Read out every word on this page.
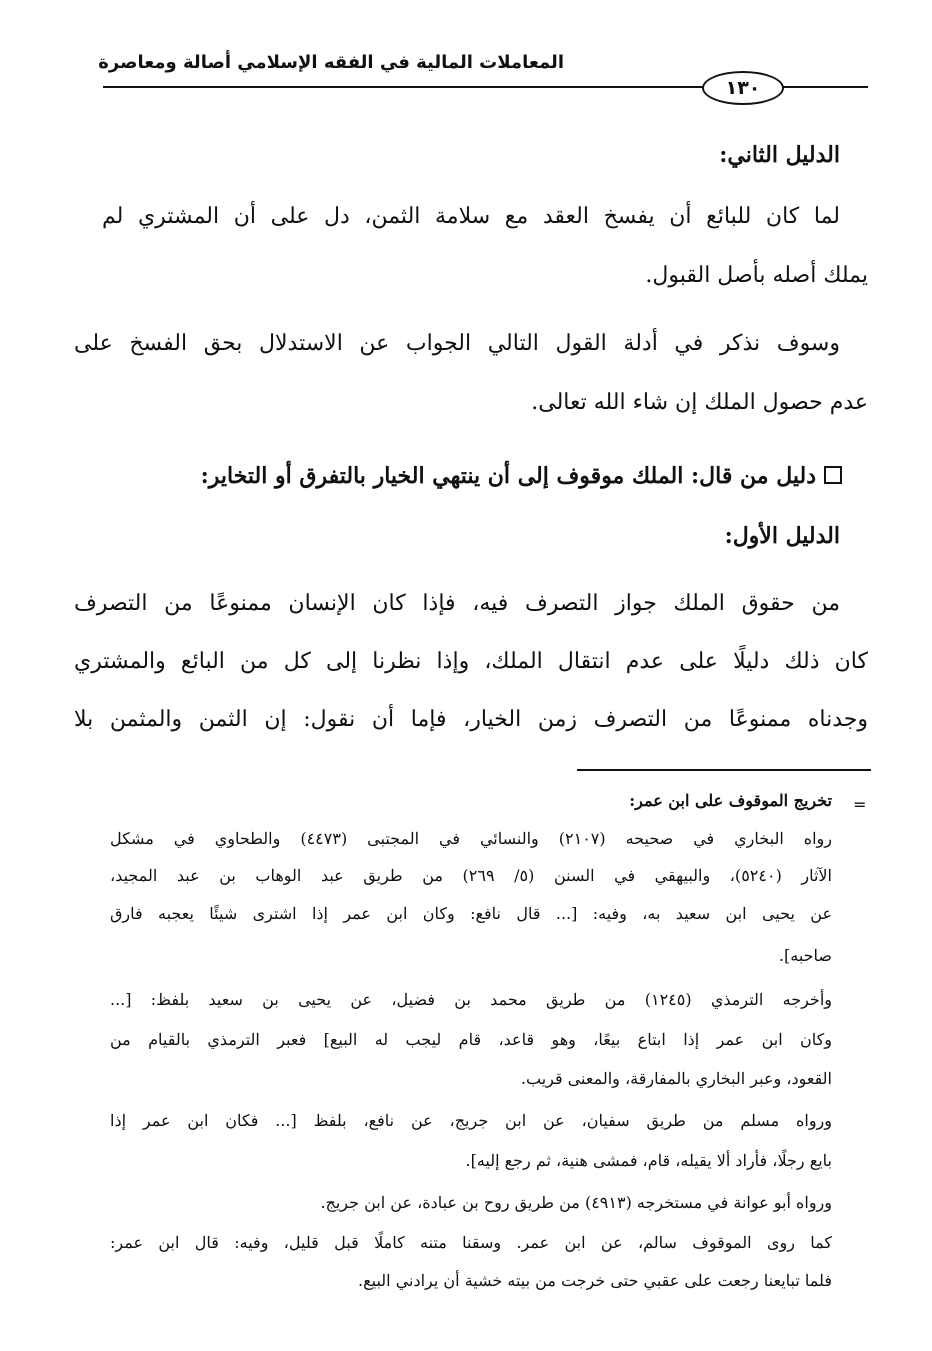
المعاملات المالية في الفقه الإسلامي أصالة ومعاصرة
١٣٠
الدليل الثاني:
لما كان للبائع أن يفسخ العقد مع سلامة الثمن، دل على أن المشتري لم
يملك أصله بأصل القبول.
وسوف نذكر في أدلة القول التالي الجواب عن الاستدلال بحق الفسخ على
عدم حصول الملك إن شاء الله تعالى.
دليل من قال: الملك موقوف إلى أن ينتهي الخيار بالتفرق أو التخاير:
الدليل الأول:
من حقوق الملك جواز التصرف فيه، فإذا كان الإنسان ممنوعًا من التصرف
كان ذلك دليلًا على عدم انتقال الملك، وإذا نظرنا إلى كل من البائع والمشتري
وجدناه ممنوعًا من التصرف زمن الخيار، فإما أن نقول: إن الثمن والمثمن بلا
=
تخريج الموقوف على ابن عمر:
رواه البخاري في صحيحه (٢١٠٧) والنسائي في المجتبى (٤٤٧٣) والطحاوي في مشكل
الآثار (٥٢٤٠)، والبيهقي في السنن (٥/ ٢٦٩) من طريق عبد الوهاب بن عبد المجيد،
عن يحيى ابن سعيد به، وفيه: [... قال نافع: وكان ابن عمر إذا اشترى شيئًا يعجبه فارق
صاحبه].
وأخرجه الترمذي (١٢٤٥) من طريق محمد بن فضيل، عن يحيى بن سعيد بلفظ: [...
وكان ابن عمر إذا ابتاع بيعًا، وهو قاعد، قام ليجب له البيع] فعبر الترمذي بالقيام من
القعود، وعبر البخاري بالمفارقة، والمعنى قريب.
ورواه مسلم من طريق سفيان، عن ابن جريج، عن نافع، بلفظ [... فكان ابن عمر إذا
بايع رجلًا، فأراد ألا يقيله، قام، فمشى هنية، ثم رجع إليه].
ورواه أبو عوانة في مستخرجه (٤٩١٣) من طريق روح بن عبادة، عن ابن جريج.
كما روى الموقوف سالم، عن ابن عمر. وسقنا متنه كاملًا قبل قليل، وفيه: قال ابن عمر:
فلما تبايعنا رجعت على عقبي حتى خرجت من بيته خشية أن يرادني البيع.
